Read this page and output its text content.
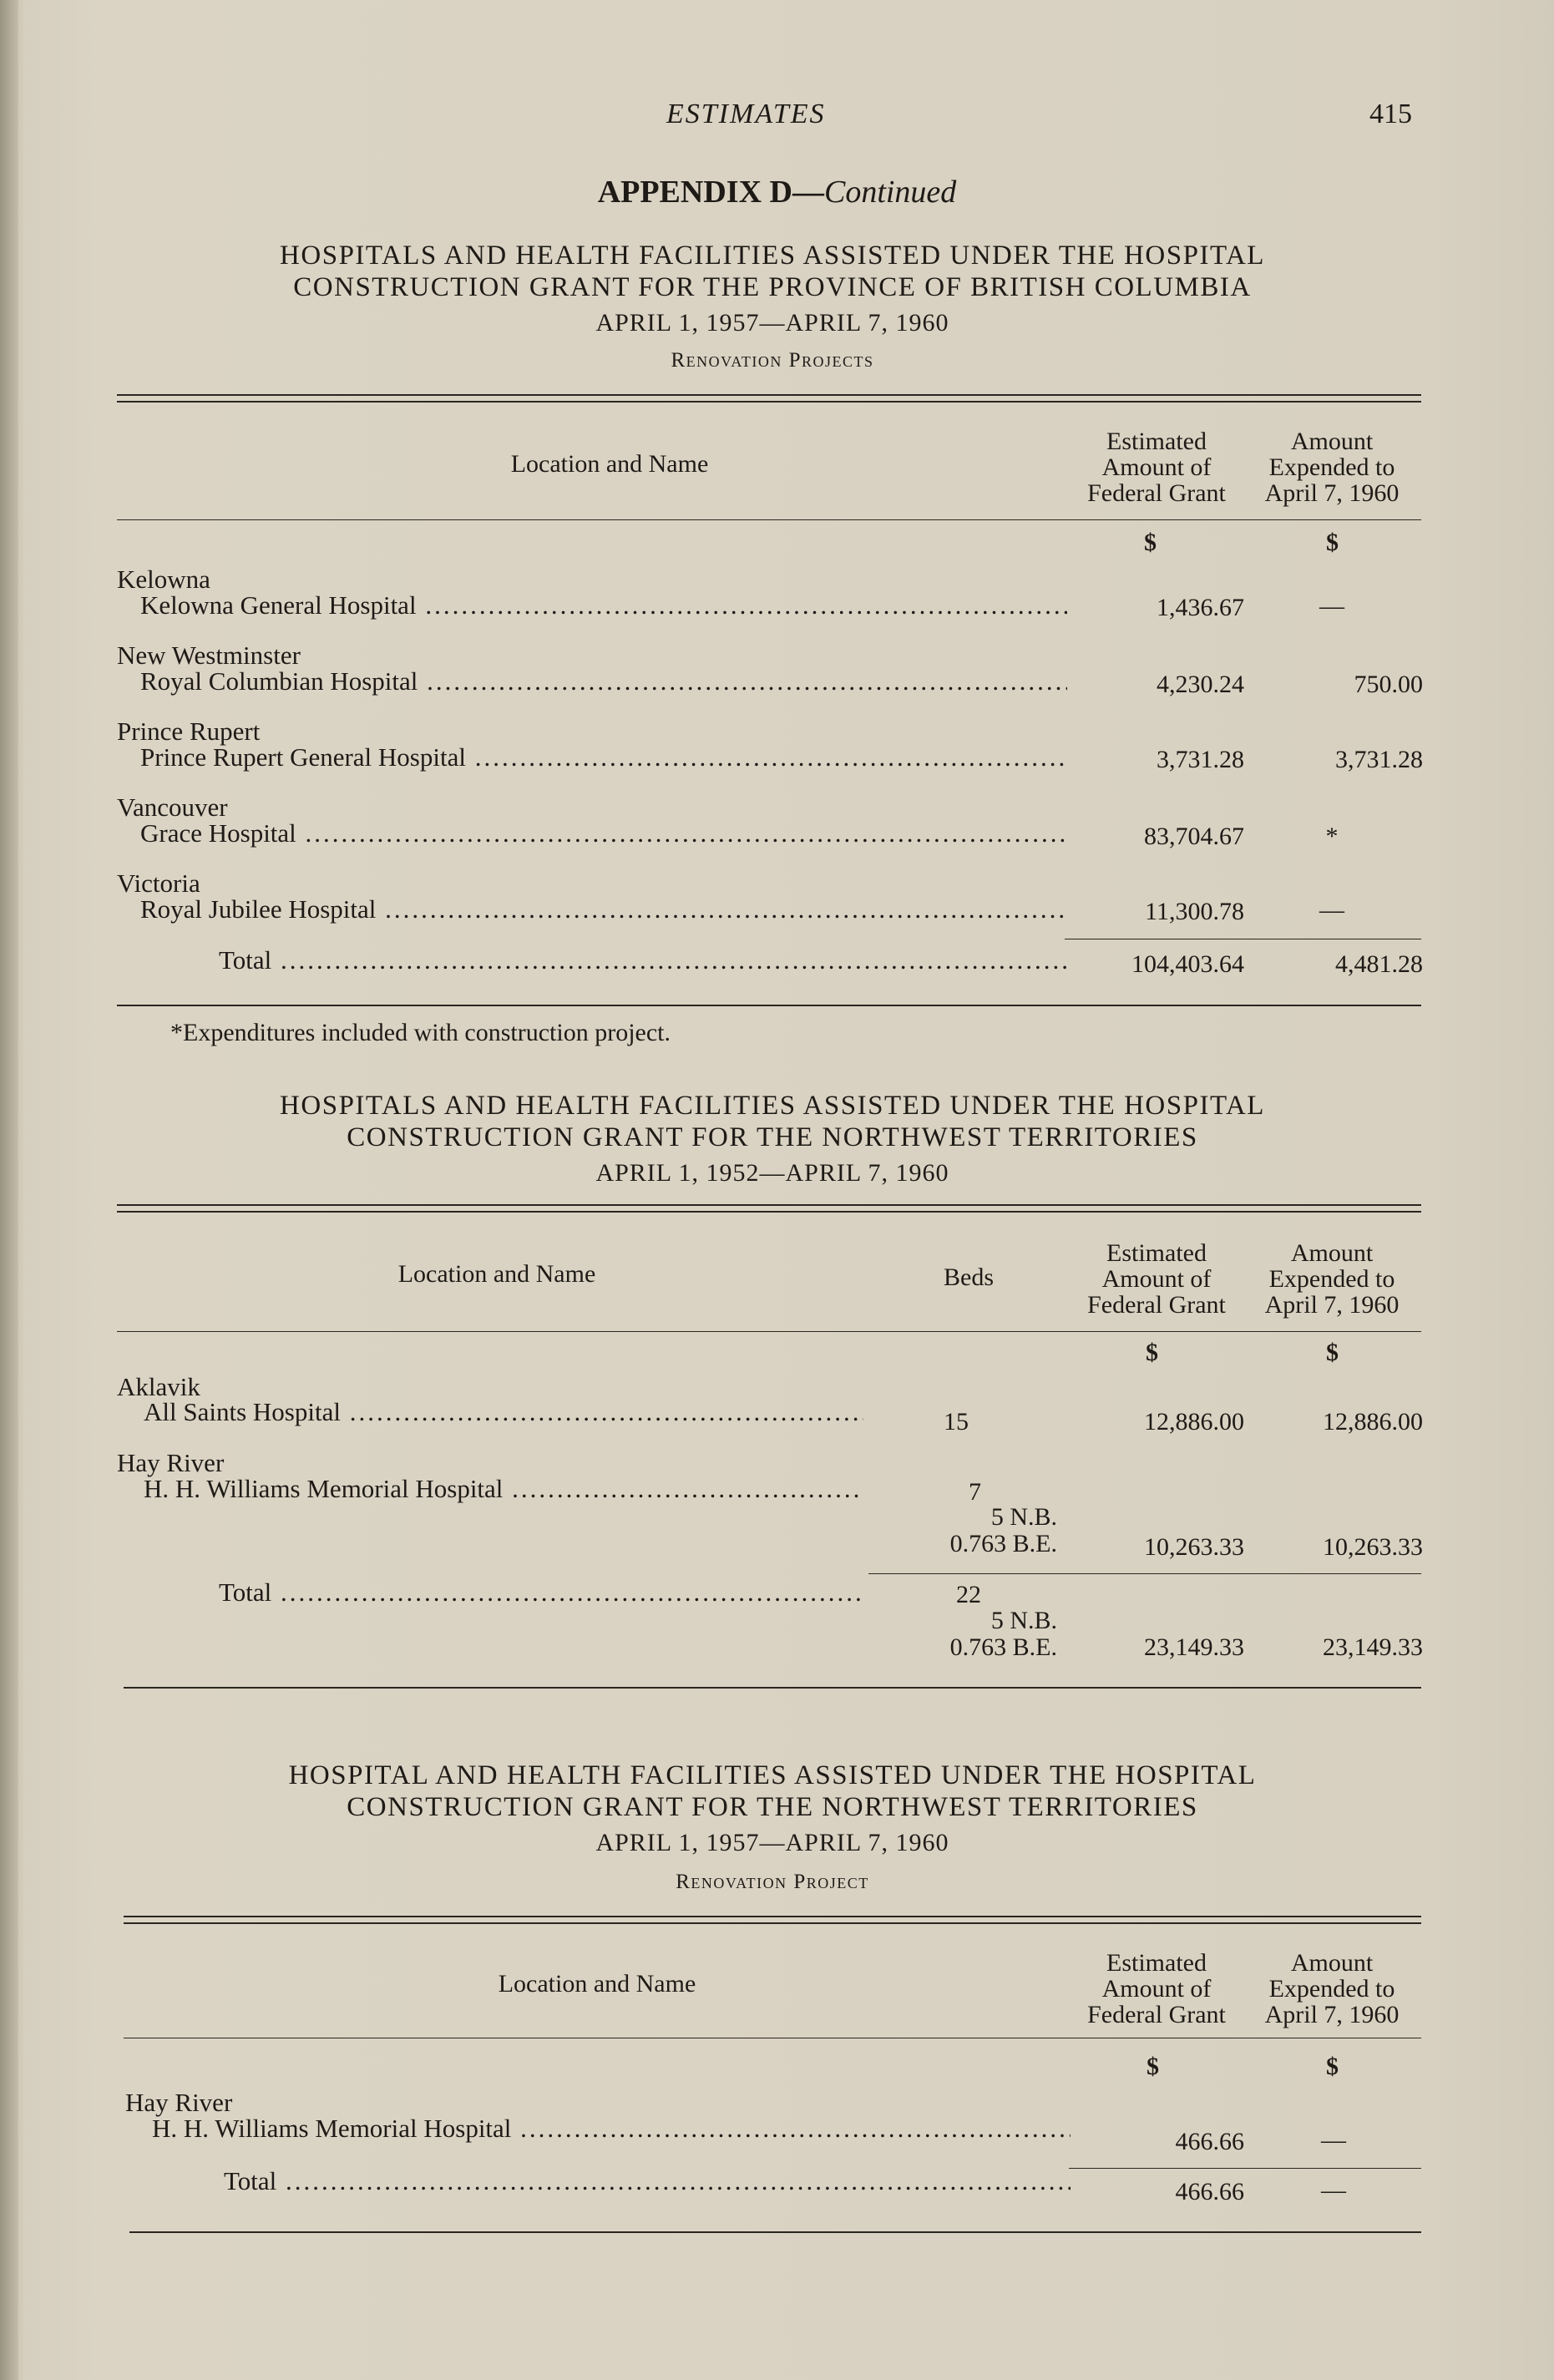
ESTIMATES	415
APPENDIX D—Continued
HOSPITALS AND HEALTH FACILITIES ASSISTED UNDER THE HOSPITAL
CONSTRUCTION GRANT FOR THE PROVINCE OF BRITISH COLUMBIA
APRIL 1, 1957—APRIL 7, 1960
Renovation Projects
Location and Name
Estimated
Amount of
Federal Grant
Amount
Expended to
April 7, 1960
$	$
Kelowna
Kelowna General Hospital .....	1,436.67	—
New Westminster
Royal Columbian Hospital .....	4,230.24	750.00
Prince Rupert
Prince Rupert General Hospital .....	3,731.28	3,731.28
Vancouver
Grace Hospital .....	83,704.67	*
Victoria
Royal Jubilee Hospital .....	11,300.78	—
Total .....	104,403.64	4,481.28
*Expenditures included with construction project.
HOSPITALS AND HEALTH FACILITIES ASSISTED UNDER THE HOSPITAL
CONSTRUCTION GRANT FOR THE NORTHWEST TERRITORIES
APRIL 1, 1952—APRIL 7, 1960
Location and Name	Beds
Estimated
Amount of
Federal Grant
Amount
Expended to
April 7, 1960
$	$
Aklavik
All Saints Hospital .....	15	12,886.00	12,886.00
Hay River
H. H. Williams Memorial Hospital .....	7
5 N.B.
0.763 B.E.	10,263.33	10,263.33
Total .....	22
5 N.B.
0.763 B.E.	23,149.33	23,149.33
HOSPITAL AND HEALTH FACILITIES ASSISTED UNDER THE HOSPITAL
CONSTRUCTION GRANT FOR THE NORTHWEST TERRITORIES
APRIL 1, 1957—APRIL 7, 1960
Renovation Project
Location and Name
Estimated
Amount of
Federal Grant
Amount
Expended to
April 7, 1960
$	$
Hay River
H. H. Williams Memorial Hospital .....	466.66	—
Total .....	466.66	—
